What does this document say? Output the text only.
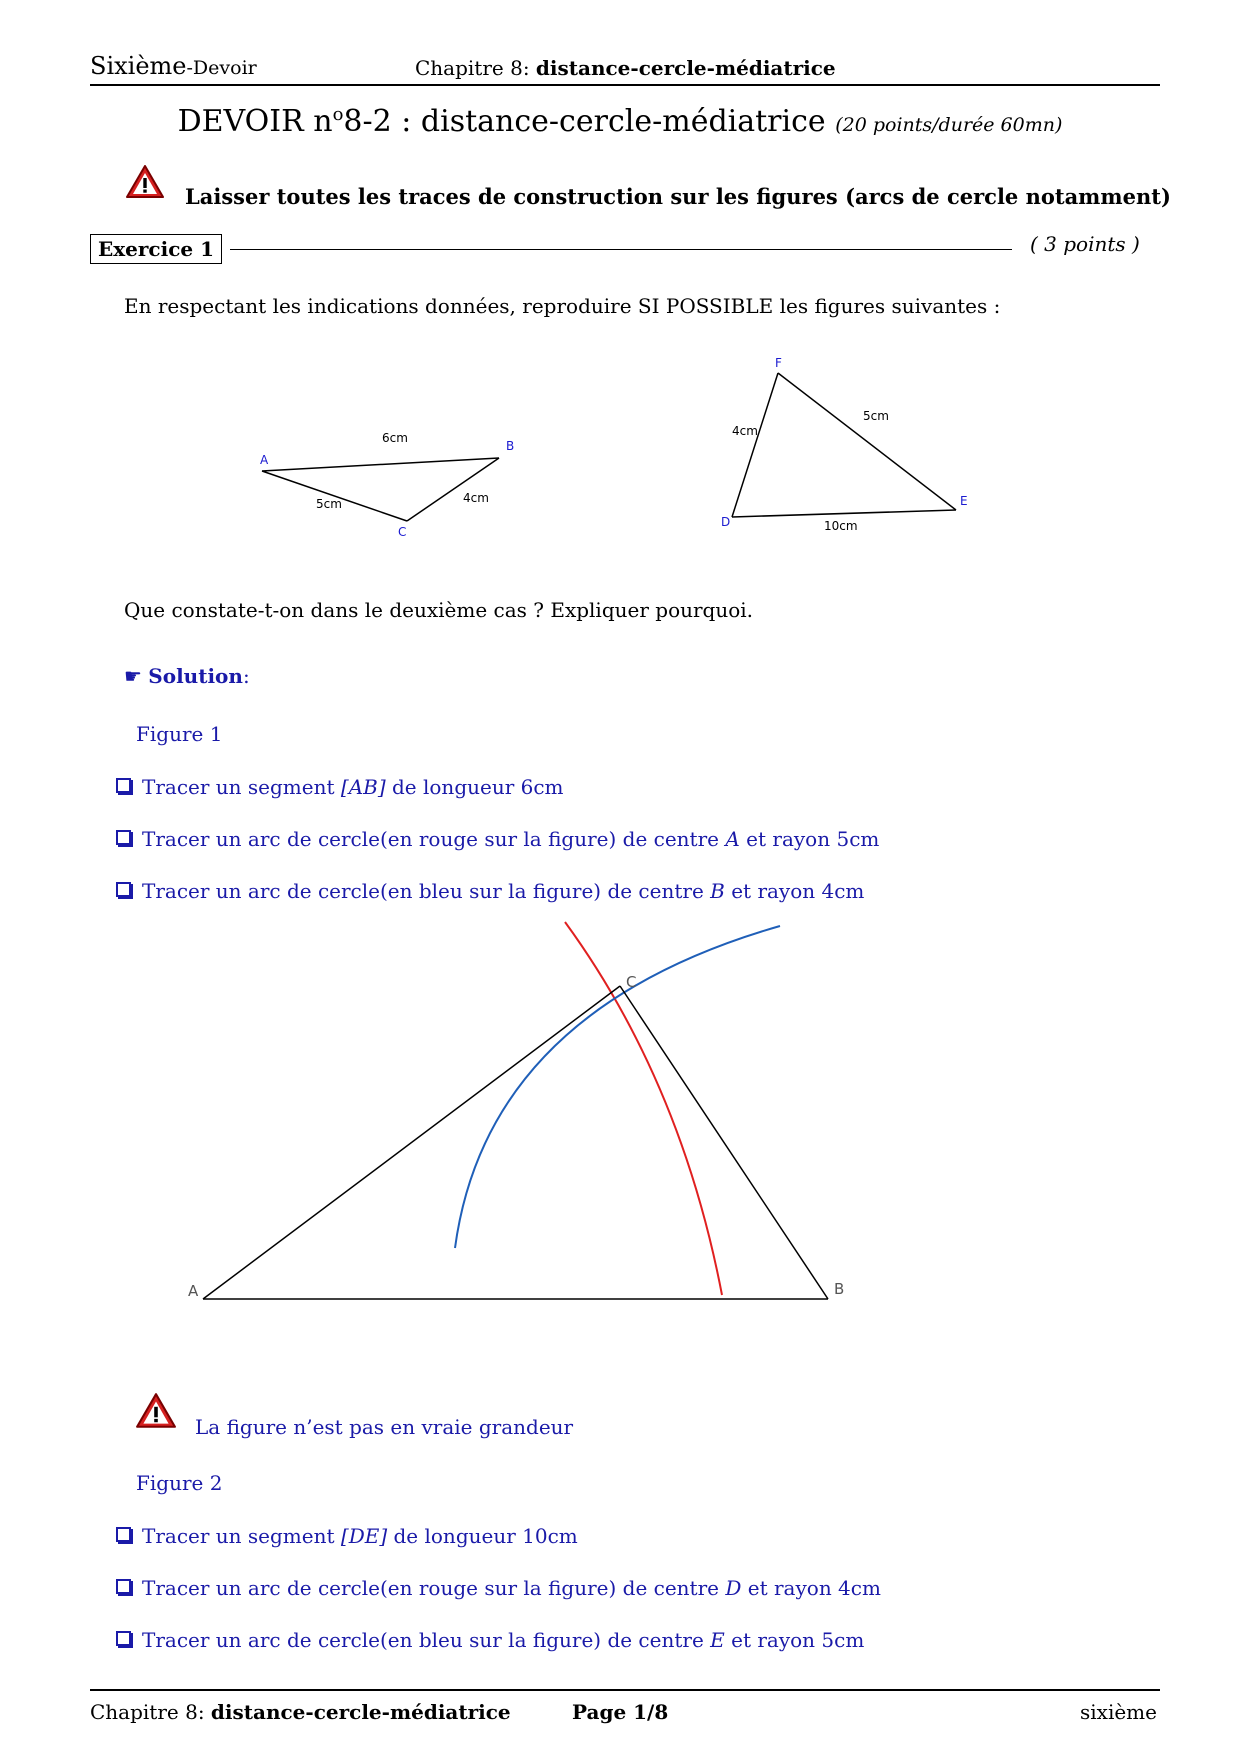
Sixième-Devoir	Chapitre 8: distance-cercle-médiatrice
DEVOIR $n^o8-2$ : distance-cercle-médiatrice (20 points/durée 60mn)
Laisser toutes les traces de construction sur les figures (arcs de cercle notamment)
Exercice 1	( 3 points )
En respectant les indications données, reproduire SI POSSIBLE les figures suivantes :
A
B
C
6cm
5cm	4cm
F
D
E
4cm
5cm
10cm
Que constate-t-on dans le deuxième cas ? Expliquer pourquoi.
☛ Solution:
Figure 1
Tracer un segment [AB] de longueur 6cm
Tracer un arc de cercle(en rouge sur la figure) de centre A et rayon 5cm
Tracer un arc de cercle(en bleu sur la figure) de centre B et rayon 4cm
A	B
C
La figure n’est pas en vraie grandeur
Figure 2
Tracer un segment [DE] de longueur 10cm
Tracer un arc de cercle(en rouge sur la figure) de centre D et rayon 4cm
Tracer un arc de cercle(en bleu sur la figure) de centre E et rayon 5cm
Chapitre 8: distance-cercle-médiatrice	Page 1/8	sixième
